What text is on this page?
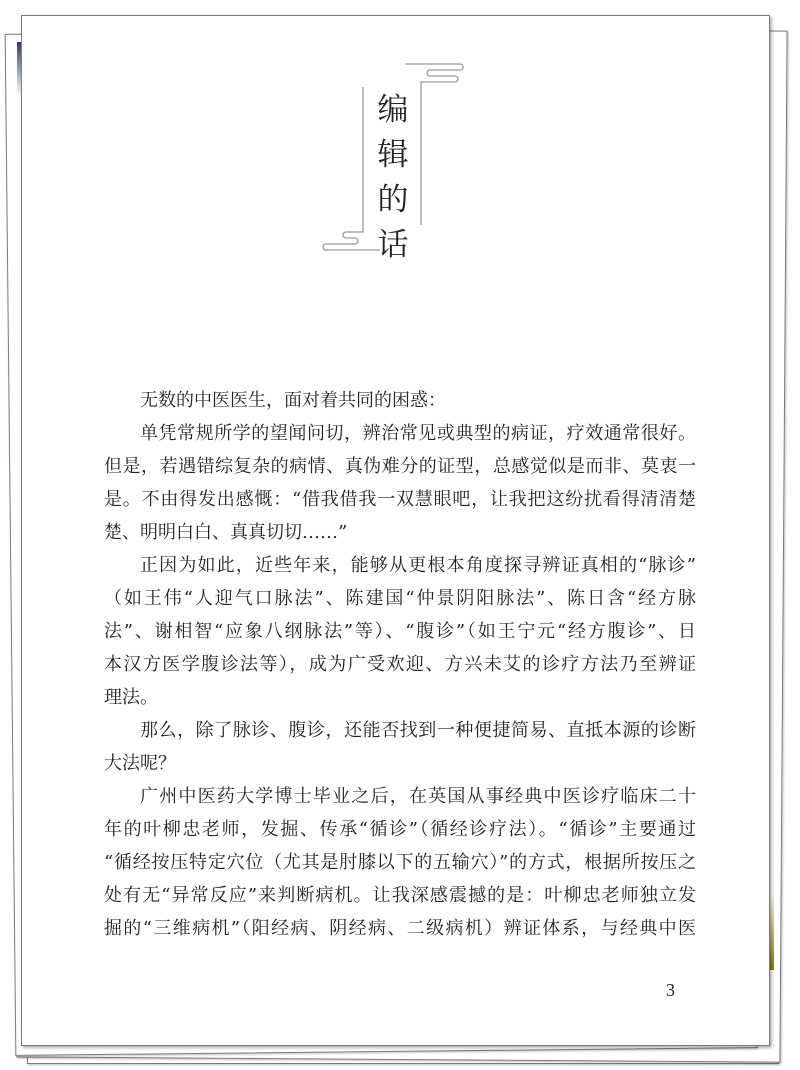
编
辑
的
话
无数的中医医生，面对着共同的困惑：
单凭常规所学的望闻问切，辨治常见或典型的病证，疗效通常很好。
但是，若遇错综复杂的病情、真伪难分的证型，总感觉似是而非、莫衷一
是。不由得发出感慨：“借我借我一双慧眼吧，让我把这纷扰看得清清楚
楚、明明白白、真真切切……”
正因为如此，近些年来，能够从更根本角度探寻辨证真相的“脉诊”
（如王伟“人迎气口脉法”、陈建国“仲景阴阳脉法”、陈日含“经方脉
法”、谢相智“应象八纲脉法”等）、“腹诊”（如王宁元“经方腹诊”、日
本汉方医学腹诊法等），成为广受欢迎、方兴未艾的诊疗方法乃至辨证
理法。
那么，除了脉诊、腹诊，还能否找到一种便捷简易、直抵本源的诊断
大法呢？
广州中医药大学博士毕业之后，在英国从事经典中医诊疗临床二十
年的叶柳忠老师，发掘、传承“循诊”（循经诊疗法）。“循诊”主要通过
“循经按压特定穴位（尤其是肘膝以下的五输穴）”的方式，根据所按压之
处有无“异常反应”来判断病机。让我深感震撼的是：叶柳忠老师独立发
掘的“三维病机”（阳经病、阴经病、二级病机）辨证体系，与经典中医
3
